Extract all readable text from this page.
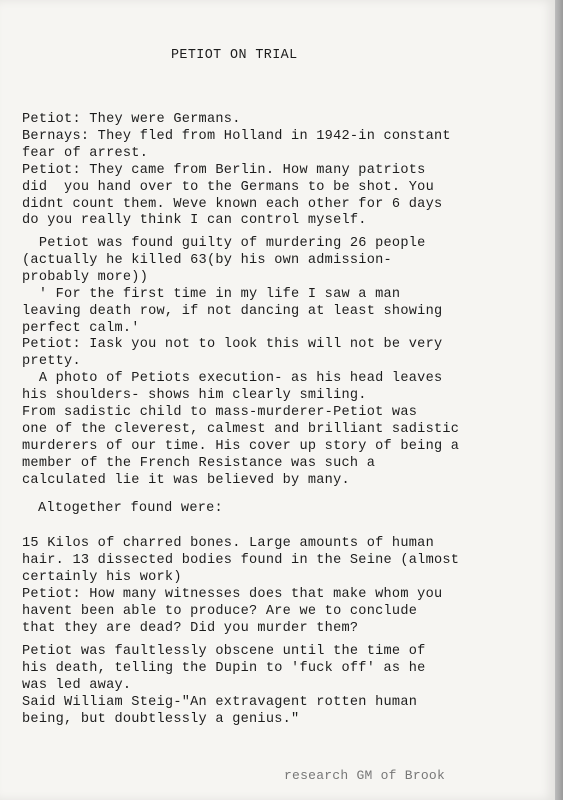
PETIOT ON TRIAL
Petiot: They were Germans.
Bernays: They fled from Holland in 1942-in constant
fear of arrest.
Petiot: They came from Berlin. How many patriots
did  you hand over to the Germans to be shot. You
didnt count them. Weve known each other for 6 days
do you really think I can control myself.
Petiot was found guilty of murdering 26 people
(actually he killed 63(by his own admission-
probably more))
' For the first time in my life I saw a man
leaving death row, if not dancing at least showing
perfect calm.'
Petiot: Iask you not to look this will not be very
pretty.
A photo of Petiots execution- as his head leaves
his shoulders- shows him clearly smiling.
From sadistic child to mass-murderer-Petiot was
one of the cleverest, calmest and brilliant sadistic
murderers of our time. His cover up story of being a
member of the French Resistance was such a
calculated lie it was believed by many.
Altogether found were:
15 Kilos of charred bones. Large amounts of human
hair. 13 dissected bodies found in the Seine (almost
certainly his work)
Petiot: How many witnesses does that make whom you
havent been able to produce? Are we to conclude
that they are dead? Did you murder them?
Petiot was faultlessly obscene until the time of
his death, telling the Dupin to 'fuck off' as he
was led away.
Said William Steig-"An extravagent rotten human
being, but doubtlessly a genius."
research GM of Brook
